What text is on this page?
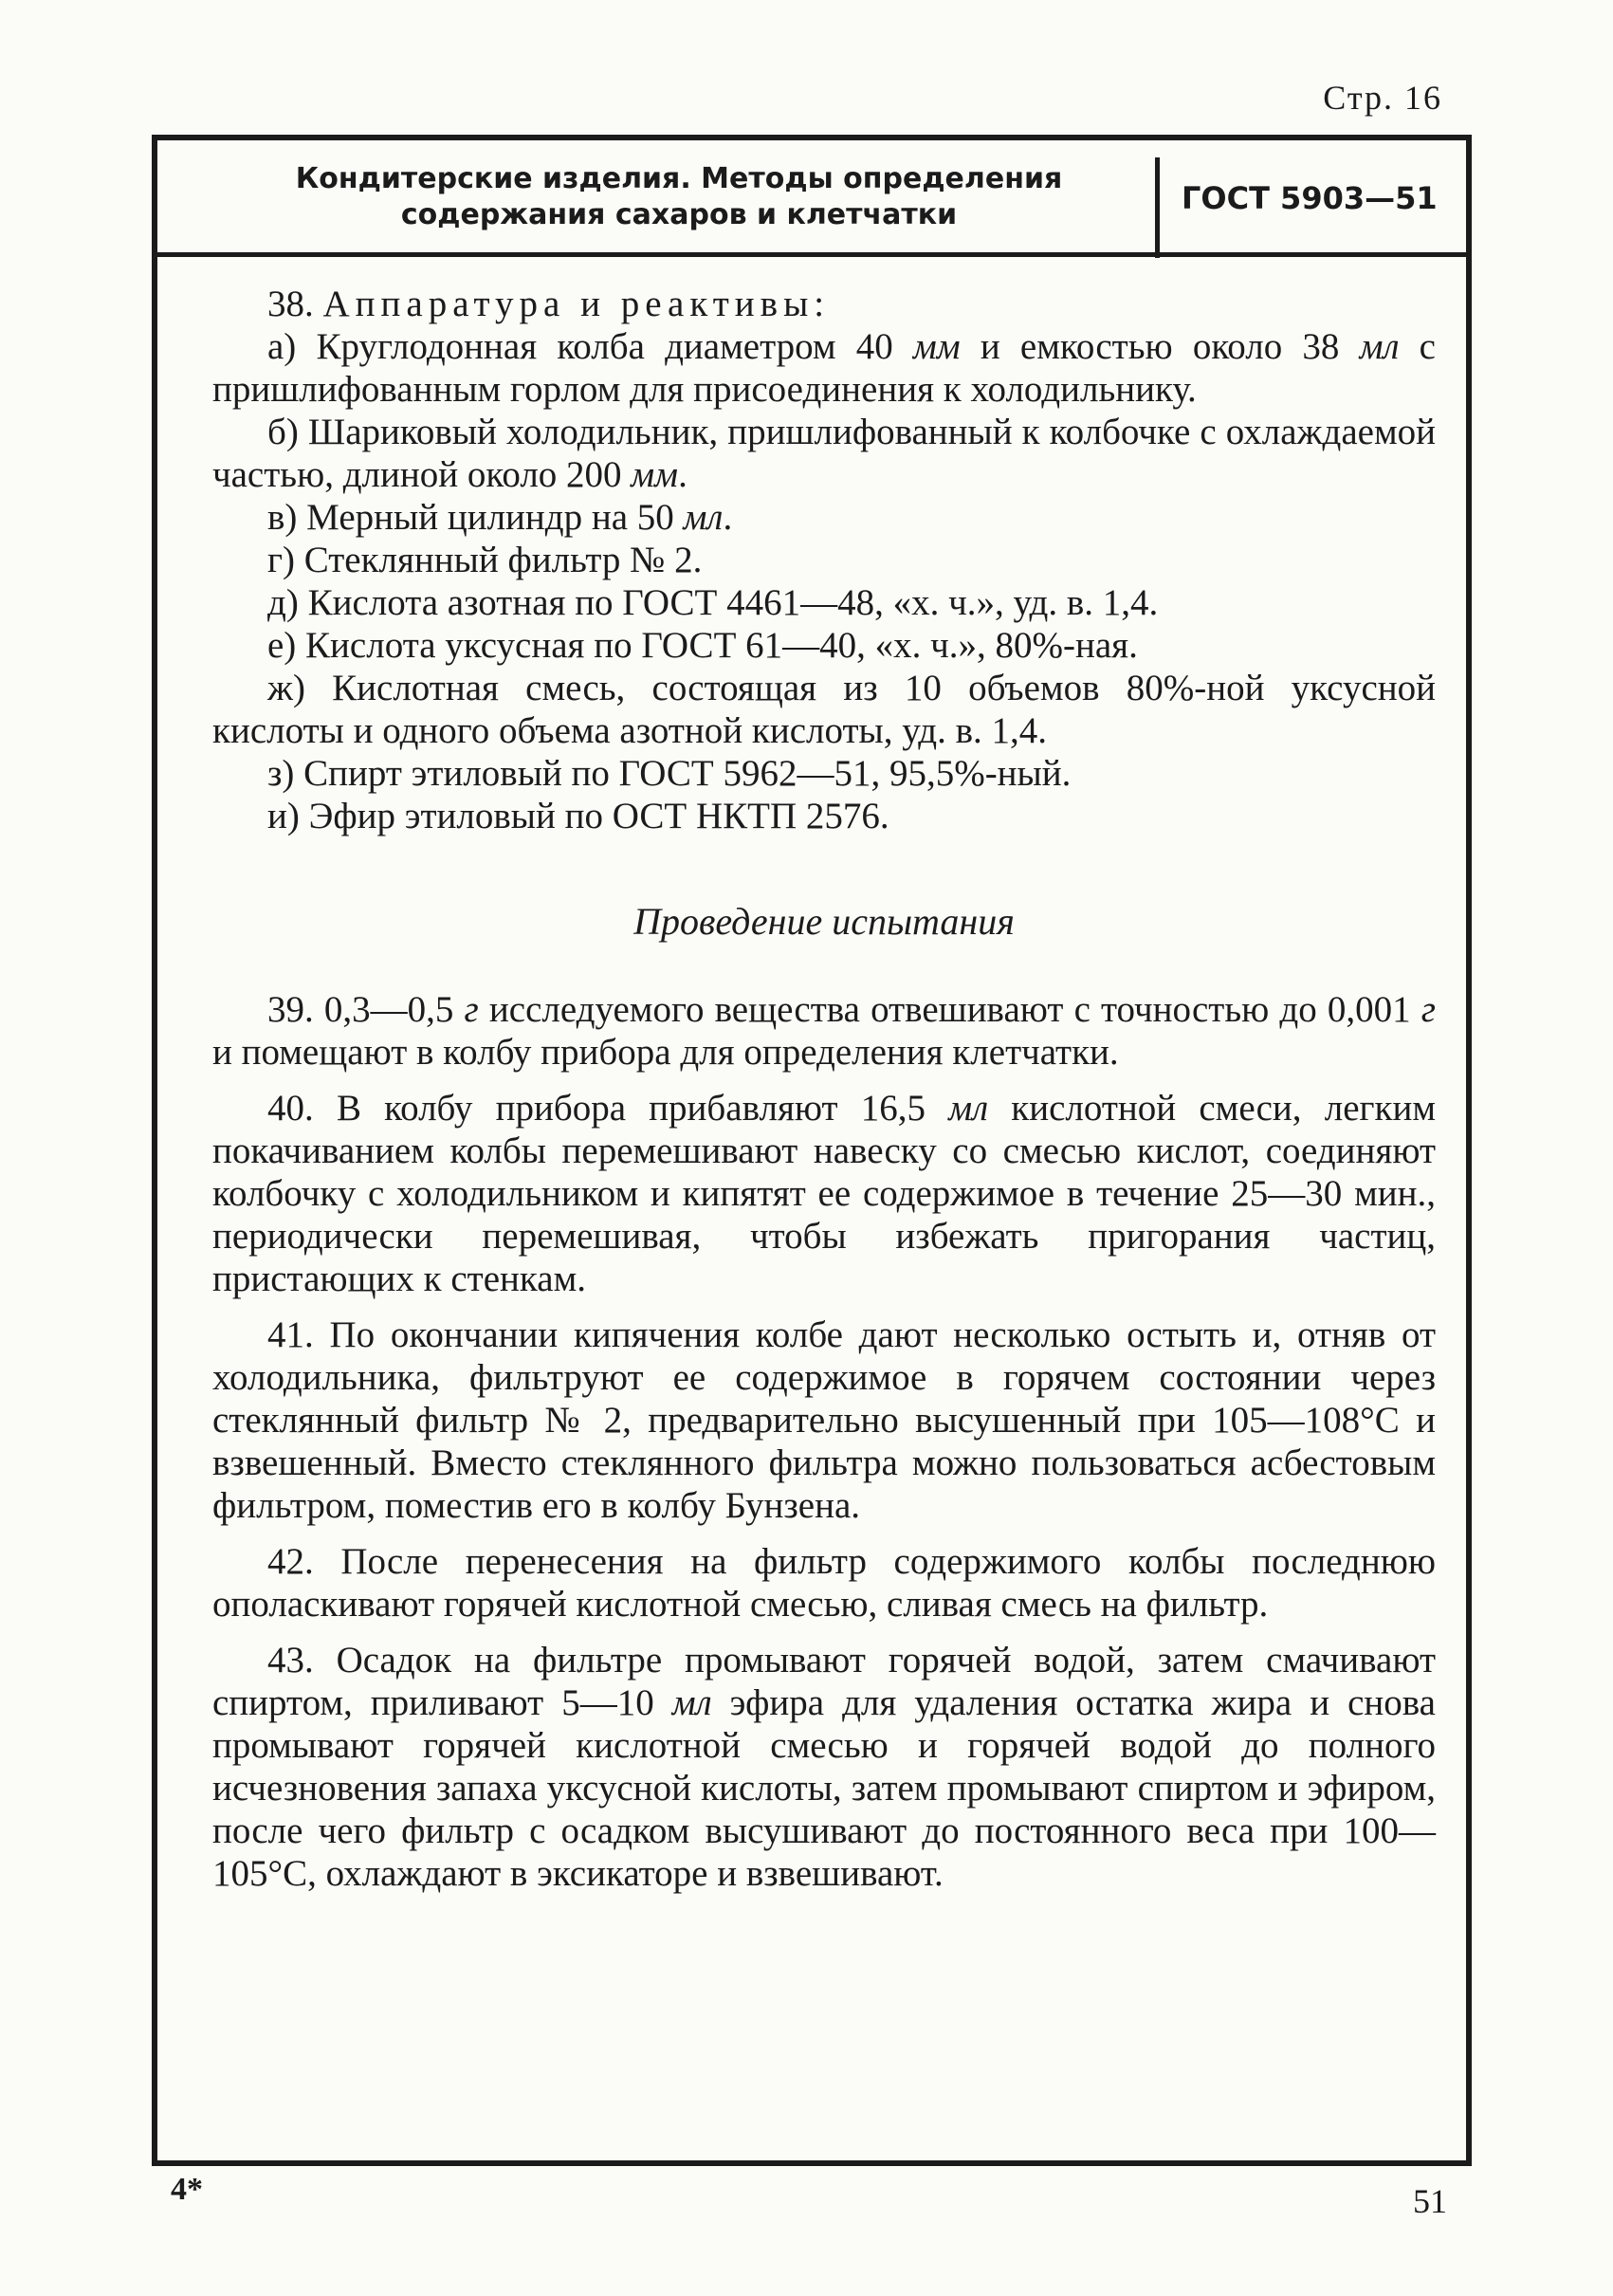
Стр. 16
Кондитерские изделия. Методы определения
содержания сахаров и клетчатки	ГОСТ 5903—51

38. Аппаратура и реактивы:

а) Круглодонная колба диаметром 40 мм и емкостью около 38 мл с пришлифованным горлом для присоединения к холодильнику.

б) Шариковый холодильник, пришлифованный к колбочке с охлаждаемой частью, длиной около 200 мм.

в) Мерный цилиндр на 50 мл.

г) Стеклянный фильтр № 2.

д) Кислота азотная по ГОСТ 4461—48, «х. ч.», уд. в. 1,4.

е) Кислота уксусная по ГОСТ 61—40, «х. ч.», 80%-ная.

ж) Кислотная смесь, состоящая из 10 объемов 80%-ной уксусной кислоты и одного объема азотной кислоты, уд. в. 1,4.

з) Спирт этиловый по ГОСТ 5962—51, 95,5%-ный.

и) Эфир этиловый по ОСТ НКТП 2576.

Проведение испытания

39. 0,3—0,5 г исследуемого вещества отвешивают с точностью до 0,001 г и помещают в колбу прибора для определения клетчатки.

40. В колбу прибора прибавляют 16,5 мл кислотной смеси, легким покачиванием колбы перемешивают навеску со смесью кислот, соединяют колбочку с холодильником и кипятят ее содержимое в течение 25—30 мин., периодически перемешивая, чтобы избежать пригорания частиц, пристающих к стенкам.

41. По окончании кипячения колбе дают несколько остыть и, отняв от холодильника, фильтруют ее содержимое в горячем состоянии через стеклянный фильтр № 2, предварительно высушенный при 105—108°С и взвешенный. Вместо стеклянного фильтра можно пользоваться асбестовым фильтром, поместив его в колбу Бунзена.

42. После перенесения на фильтр содержимого колбы последнюю ополаскивают горячей кислотной смесью, сливая смесь на фильтр.

43. Осадок на фильтре промывают горячей водой, затем смачивают спиртом, приливают 5—10 мл эфира для удаления остатка жира и снова промывают горячей кислотной смесью и горячей водой до полного исчезновения запаха уксусной кислоты, затем промывают спиртом и эфиром, после чего фильтр с осадком высушивают до постоянного веса при 100—105°С, охлаждают в эксикаторе и взвешивают.

4*	51
